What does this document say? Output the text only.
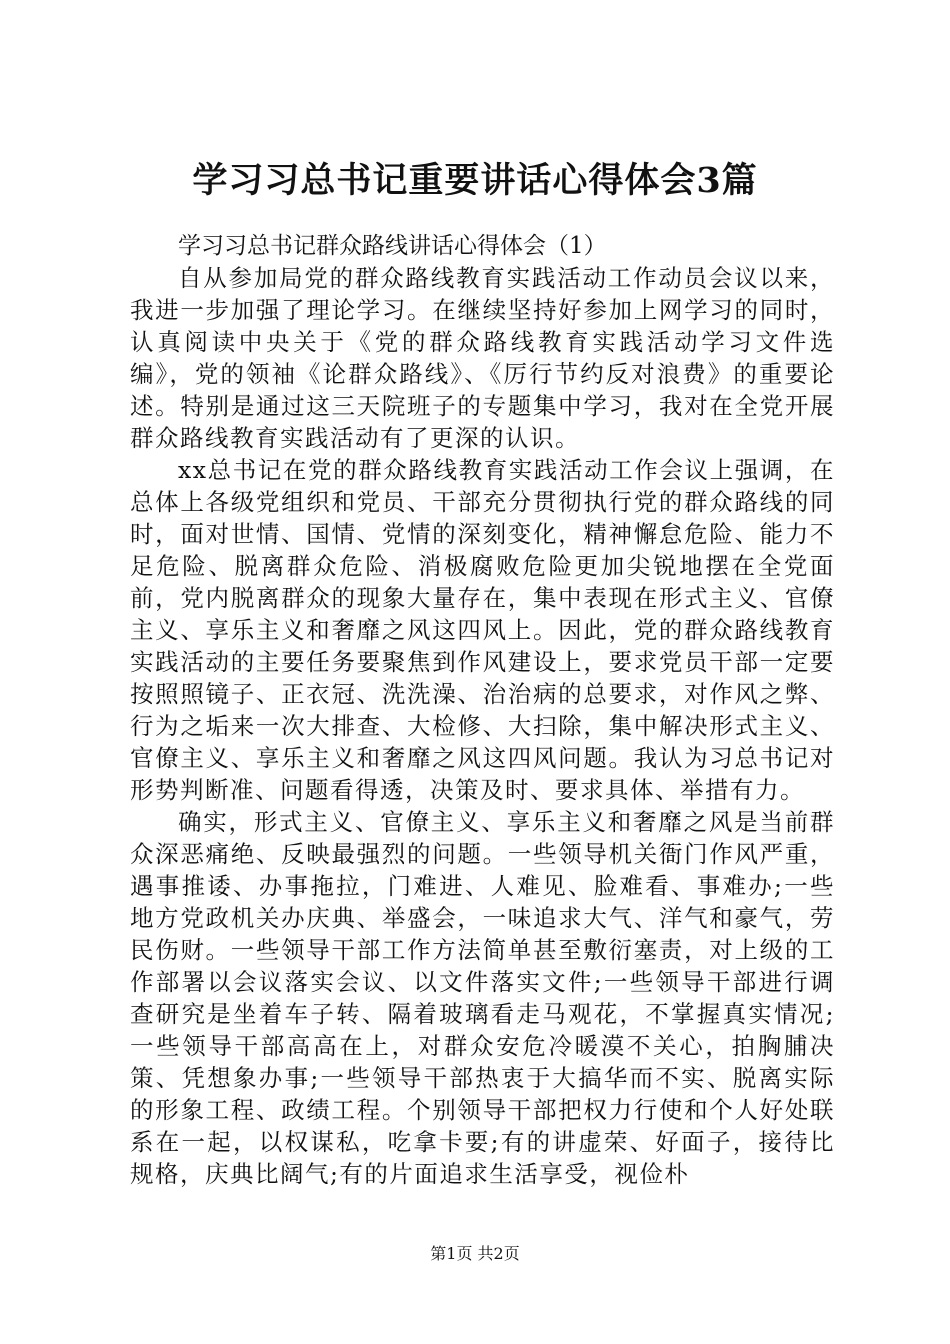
学习习总书记重要讲话心得体会3篇

学习习总书记群众路线讲话心得体会（1）

自从参加局党的群众路线教育实践活动工作动员会议以来，我进一步加强了理论学习。在继续坚持好参加上网学习的同时，认真阅读中央关于《党的群众路线教育实践活动学习文件选编》，党的领袖《论群众路线》、《厉行节约反对浪费》的重要论述。特别是通过这三天院班子的专题集中学习，我对在全党开展群众路线教育实践活动有了更深的认识。

xx总书记在党的群众路线教育实践活动工作会议上强调，在总体上各级党组织和党员、干部充分贯彻执行党的群众路线的同时，面对世情、国情、党情的深刻变化，精神懈怠危险、能力不足危险、脱离群众危险、消极腐败危险更加尖锐地摆在全党面前，党内脱离群众的现象大量存在，集中表现在形式主义、官僚主义、享乐主义和奢靡之风这四风上。因此，党的群众路线教育实践活动的主要任务要聚焦到作风建设上，要求党员干部一定要按照照镜子、正衣冠、洗洗澡、治治病的总要求，对作风之弊、行为之垢来一次大排查、大检修、大扫除，集中解决形式主义、官僚主义、享乐主义和奢靡之风这四风问题。我认为习总书记对形势判断准、问题看得透，决策及时、要求具体、举措有力。

确实，形式主义、官僚主义、享乐主义和奢靡之风是当前群众深恶痛绝、反映最强烈的问题。一些领导机关衙门作风严重，遇事推诿、办事拖拉，门难进、人难见、脸难看、事难办;一些地方党政机关办庆典、举盛会，一味追求大气、洋气和豪气，劳民伤财。一些领导干部工作方法简单甚至敷衍塞责，对上级的工作部署以会议落实会议、以文件落实文件;一些领导干部进行调查研究是坐着车子转、隔着玻璃看走马观花，不掌握真实情况;一些领导干部高高在上，对群众安危冷暖漠不关心，拍胸脯决策、凭想象办事;一些领导干部热衷于大搞华而不实、脱离实际的形象工程、政绩工程。个别领导干部把权力行使和个人好处联系在一起，以权谋私，吃拿卡要;有的讲虚荣、好面子，接待比规格，庆典比阔气;有的片面追求生活享受，视俭朴

第1页 共2页
